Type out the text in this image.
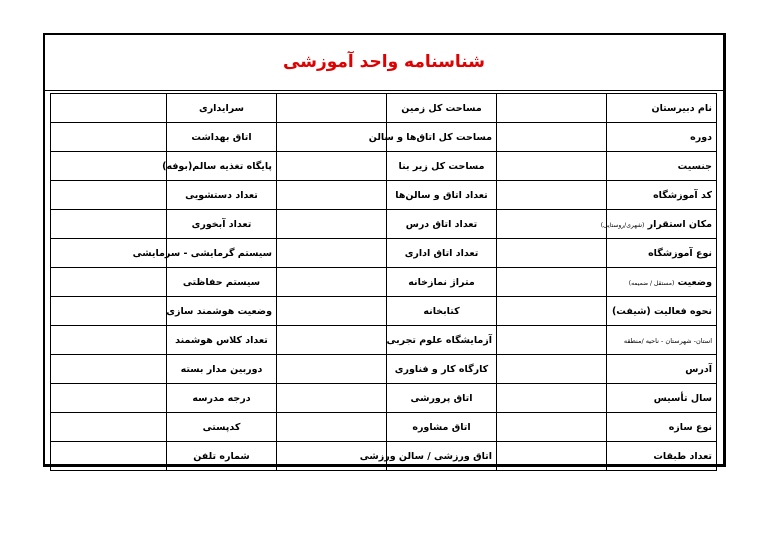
شناسنامه واحد آموزشی
نام دبیرستان		مساحت کل زمین		سرایداری	
دوره		مساحت کل اتاق‌ها و سالن		اتاق بهداشت	
جنسیت		مساحت کل زیر بنا		پایگاه تغذیه سالم(بوفه)	
کد آموزشگاه		تعداد اتاق و سالن‌ها		تعداد دستشویی	
مکان استقرار (شهری/روستایی)		تعداد اتاق درس		تعداد آبخوری	
نوع آموزشگاه		تعداد اتاق اداری		سیستم گرمایشی - سرمایشی	
وضعیت (مستقل / ضمیمه)		متراژ نمازخانه		سیستم حفاظتی	
نحوه فعالیت (شیفت)		کتابخانه		وضعیت هوشمند سازی	
استان- شهرستان - ناحیه /منطقه		آزمایشگاه علوم تجربی		تعداد کلاس هوشمند	
آدرس		کارگاه کار و فناوری		دوربین مدار بسته	
سال تأسیس		اتاق پرورشی		درجه مدرسه	
نوع سازه		اتاق مشاوره		کدپستی	
تعداد طبقات		اتاق ورزشی / سالن ورزشی		شماره تلفن	
